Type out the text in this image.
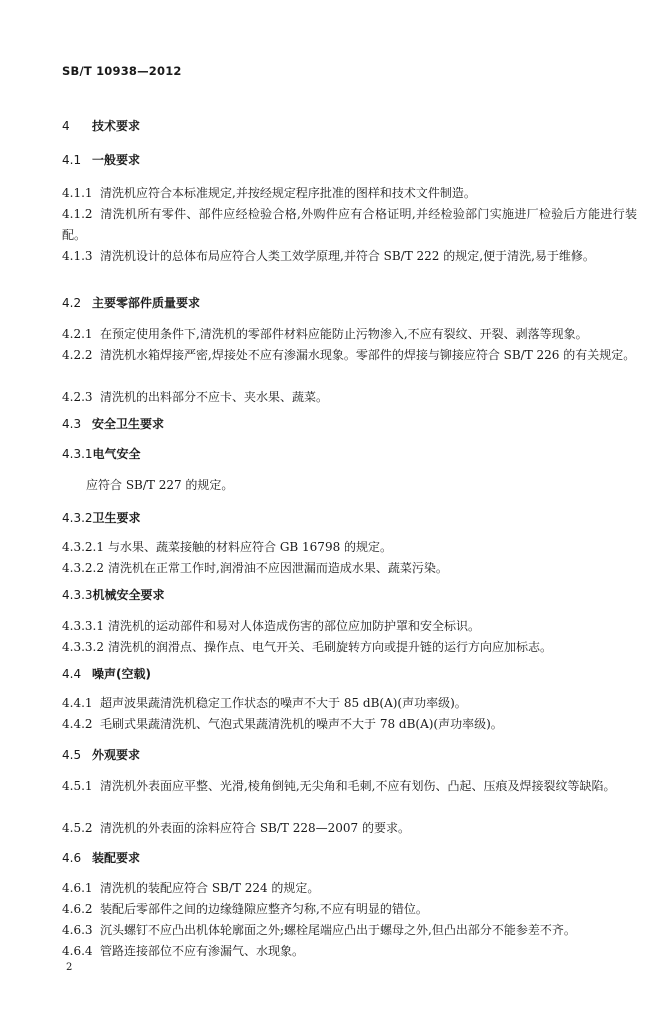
SB/T 10938—2012
4 技术要求
4.1 一般要求
4.1.1 清洗机应符合本标准规定,并按经规定程序批准的图样和技术文件制造。
4.1.2 清洗机所有零件、部件应经检验合格,外购件应有合格证明,并经检验部门实施进厂检验后方能进行装配。
4.1.3 清洗机设计的总体布局应符合人类工效学原理,并符合 SB/T 222 的规定,便于清洗,易于维修。
4.2 主要零部件质量要求
4.2.1 在预定使用条件下,清洗机的零部件材料应能防止污物渗入,不应有裂纹、开裂、剥落等现象。
4.2.2 清洗机水箱焊接严密,焊接处不应有渗漏水现象。零部件的焊接与铆接应符合 SB/T 226 的有关规定。
4.2.3 清洗机的出料部分不应卡、夹水果、蔬菜。
4.3 安全卫生要求
4.3.1电气安全
应符合 SB/T 227 的规定。
4.3.2卫生要求
4.3.2.1 与水果、蔬菜接触的材料应符合 GB 16798 的规定。
4.3.2.2 清洗机在正常工作时,润滑油不应因泄漏而造成水果、蔬菜污染。
4.3.3机械安全要求
4.3.3.1 清洗机的运动部件和易对人体造成伤害的部位应加防护罩和安全标识。
4.3.3.2 清洗机的润滑点、操作点、电气开关、毛刷旋转方向或提升链的运行方向应加标志。
4.4 噪声(空载)
4.4.1 超声波果蔬清洗机稳定工作状态的噪声不大于 85 dB(A)(声功率级)。
4.4.2 毛刷式果蔬清洗机、气泡式果蔬清洗机的噪声不大于 78 dB(A)(声功率级)。
4.5 外观要求
4.5.1 清洗机外表面应平整、光滑,棱角倒钝,无尖角和毛刺,不应有划伤、凸起、压痕及焊接裂纹等缺陷。
4.5.2 清洗机的外表面的涂料应符合 SB/T 228—2007 的要求。
4.6 装配要求
4.6.1 清洗机的装配应符合 SB/T 224 的规定。
4.6.2 装配后零部件之间的边缘缝隙应整齐匀称,不应有明显的错位。
4.6.3 沉头螺钉不应凸出机体轮廓面之外;螺栓尾端应凸出于螺母之外,但凸出部分不能参差不齐。
4.6.4 管路连接部位不应有渗漏气、水现象。
2
